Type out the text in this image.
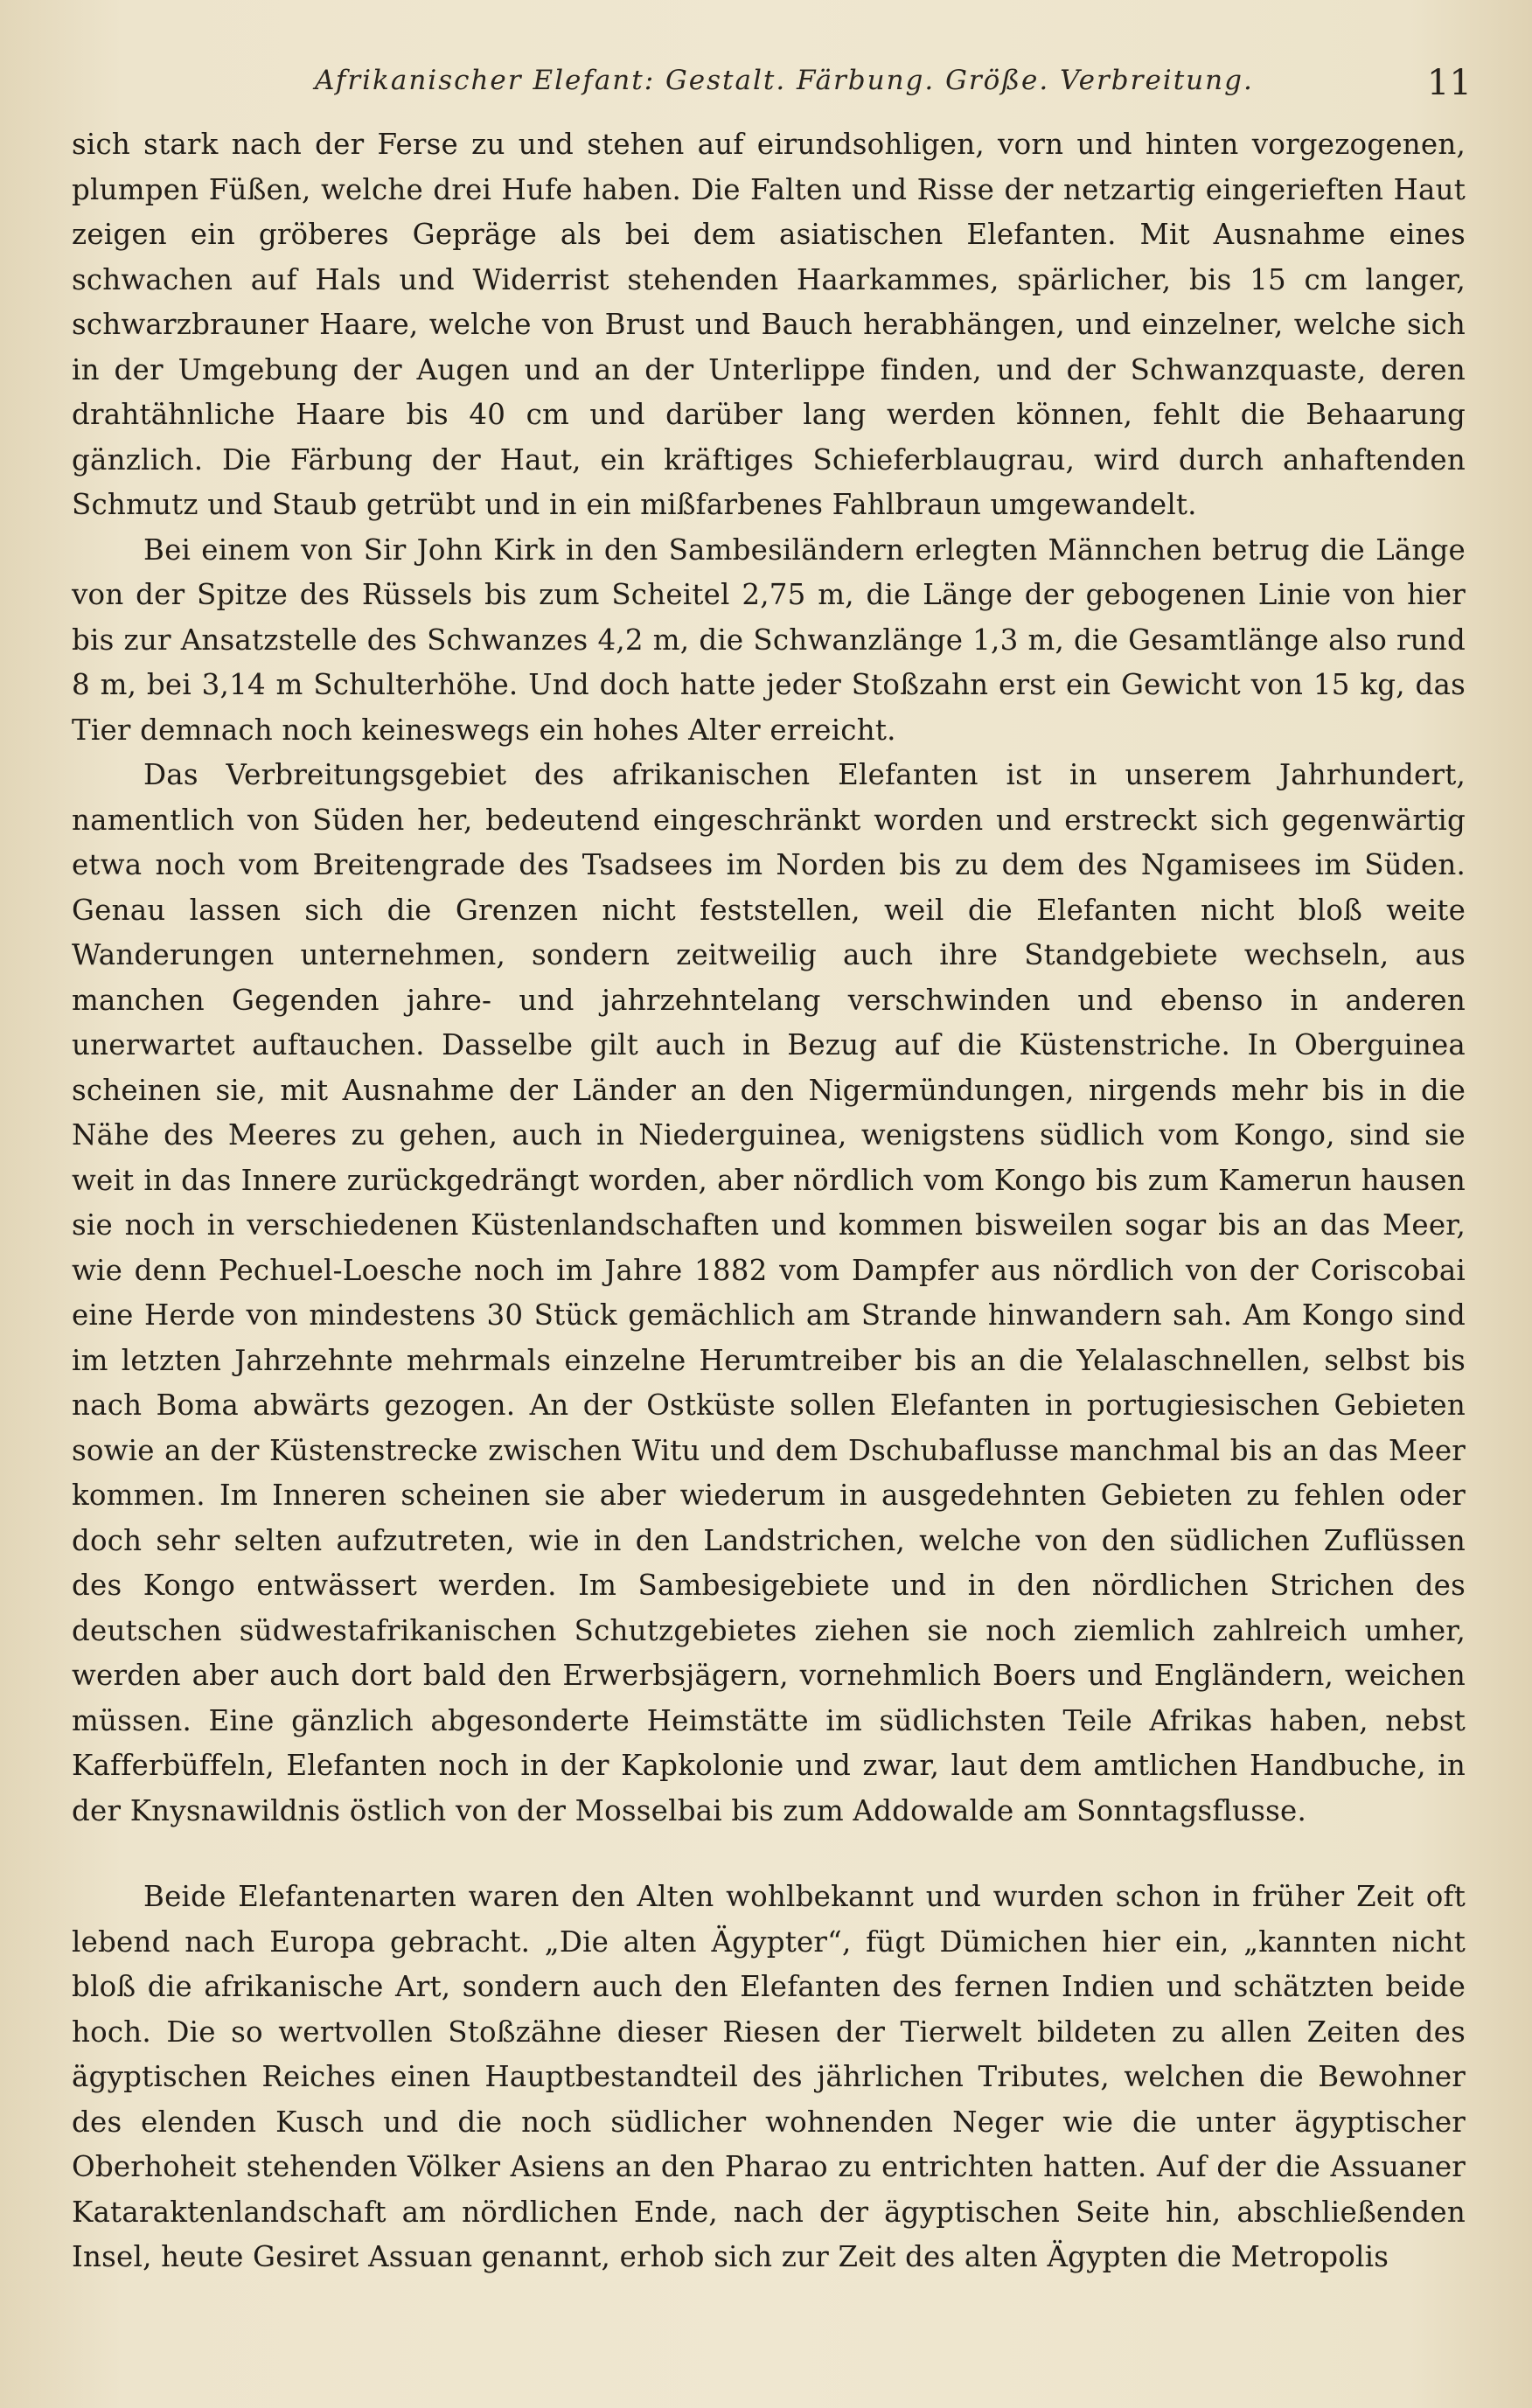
Afrikanischer Elefant: Gestalt. Färbung. Größe. Verbreitung.	11

sich stark nach der Ferse zu und stehen auf eirundsohligen, vorn und hinten vorgezogenen, plumpen Füßen, welche drei Hufe haben. Die Falten und Risse der netzartig eingerieften Haut zeigen ein gröberes Gepräge als bei dem asiatischen Elefanten. Mit Ausnahme eines schwachen auf Hals und Widerrist stehenden Haarkammes, spärlicher, bis 15 cm langer, schwarzbrauner Haare, welche von Brust und Bauch herabhängen, und einzelner, welche sich in der Umgebung der Augen und an der Unterlippe finden, und der Schwanzquaste, deren drahtähnliche Haare bis 40 cm und darüber lang werden können, fehlt die Behaarung gänzlich. Die Färbung der Haut, ein kräftiges Schieferblaugrau, wird durch anhaftenden Schmutz und Staub getrübt und in ein mißfarbenes Fahlbraun umgewandelt.

Bei einem von Sir John Kirk in den Sambesiländern erlegten Männchen betrug die Länge von der Spitze des Rüssels bis zum Scheitel 2,75 m, die Länge der gebogenen Linie von hier bis zur Ansatzstelle des Schwanzes 4,2 m, die Schwanzlänge 1,3 m, die Gesamtlänge also rund 8 m, bei 3,14 m Schulterhöhe. Und doch hatte jeder Stoßzahn erst ein Gewicht von 15 kg, das Tier demnach noch keineswegs ein hohes Alter erreicht.

Das Verbreitungsgebiet des afrikanischen Elefanten ist in unserem Jahrhundert, namentlich von Süden her, bedeutend eingeschränkt worden und erstreckt sich gegenwärtig etwa noch vom Breitengrade des Tsadsees im Norden bis zu dem des Ngamisees im Süden. Genau lassen sich die Grenzen nicht feststellen, weil die Elefanten nicht bloß weite Wanderungen unternehmen, sondern zeitweilig auch ihre Standgebiete wechseln, aus manchen Gegenden jahre- und jahrzehntelang verschwinden und ebenso in anderen unerwartet auftauchen. Dasselbe gilt auch in Bezug auf die Küstenstriche. In Oberguinea scheinen sie, mit Ausnahme der Länder an den Nigermündungen, nirgends mehr bis in die Nähe des Meeres zu gehen, auch in Niederguinea, wenigstens südlich vom Kongo, sind sie weit in das Innere zurückgedrängt worden, aber nördlich vom Kongo bis zum Kamerun hausen sie noch in verschiedenen Küstenlandschaften und kommen bisweilen sogar bis an das Meer, wie denn Pechuel-Loesche noch im Jahre 1882 vom Dampfer aus nördlich von der Coriscobai eine Herde von mindestens 30 Stück gemächlich am Strande hinwandern sah. Am Kongo sind im letzten Jahrzehnte mehrmals einzelne Herumtreiber bis an die Yelalaschnellen, selbst bis nach Boma abwärts gezogen. An der Ostküste sollen Elefanten in portugiesischen Gebieten sowie an der Küstenstrecke zwischen Witu und dem Dschubaflusse manchmal bis an das Meer kommen. Im Inneren scheinen sie aber wiederum in ausgedehnten Gebieten zu fehlen oder doch sehr selten aufzutreten, wie in den Landstrichen, welche von den südlichen Zuflüssen des Kongo entwässert werden. Im Sambesigebiete und in den nördlichen Strichen des deutschen südwestafrikanischen Schutzgebietes ziehen sie noch ziemlich zahlreich umher, werden aber auch dort bald den Erwerbsjägern, vornehmlich Boers und Engländern, weichen müssen. Eine gänzlich abgesonderte Heimstätte im südlichsten Teile Afrikas haben, nebst Kafferbüffeln, Elefanten noch in der Kapkolonie und zwar, laut dem amtlichen Handbuche, in der Knysnawildnis östlich von der Mosselbai bis zum Addowalde am Sonntagsflusse.

Beide Elefantenarten waren den Alten wohlbekannt und wurden schon in früher Zeit oft lebend nach Europa gebracht. „Die alten Ägypter“, fügt Dümichen hier ein, „kannten nicht bloß die afrikanische Art, sondern auch den Elefanten des fernen Indien und schätzten beide hoch. Die so wertvollen Stoßzähne dieser Riesen der Tierwelt bildeten zu allen Zeiten des ägyptischen Reiches einen Hauptbestandteil des jährlichen Tributes, welchen die Bewohner des elenden Kusch und die noch südlicher wohnenden Neger wie die unter ägyptischer Oberhoheit stehenden Völker Asiens an den Pharao zu entrichten hatten. Auf der die Assuaner Kataraktenlandschaft am nördlichen Ende, nach der ägyptischen Seite hin, abschließenden Insel, heute Gesiret Assuan genannt, erhob sich zur Zeit des alten Ägypten die Metropolis
